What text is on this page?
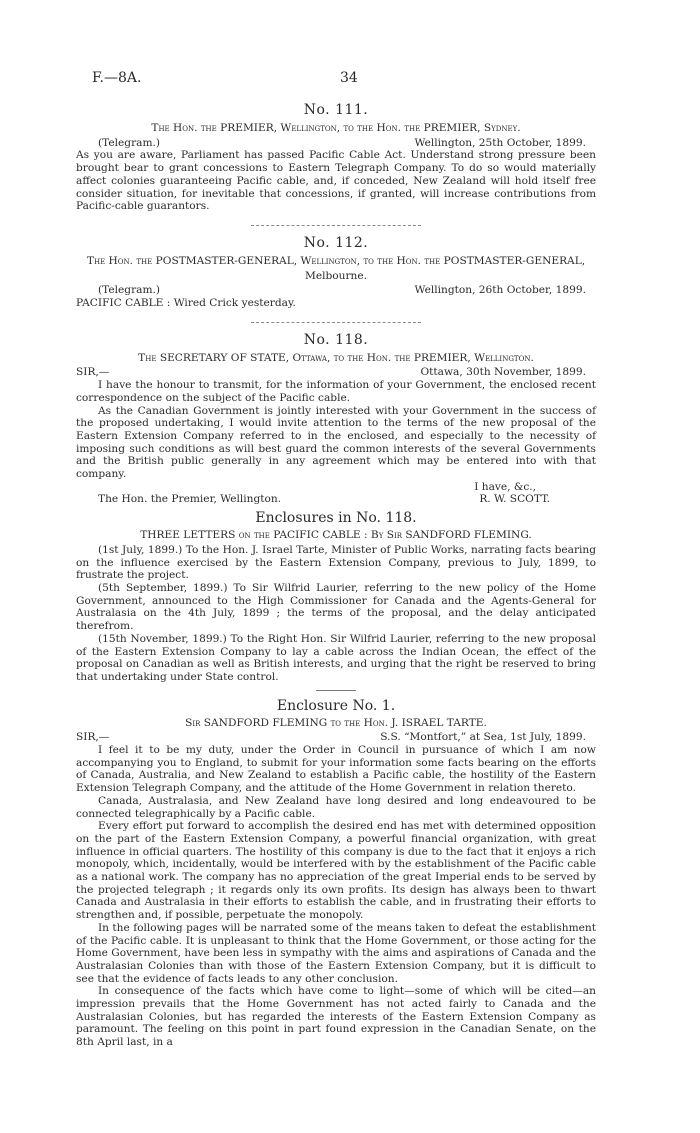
F.—8A.	34
No. 111.
The Hon. the PREMIER, Wellington, to the Hon. the PREMIER, Sydney.
(Telegram.)	Wellington, 25th October, 1899.

As you are aware, Parliament has passed Pacific Cable Act. Understand strong pressure been brought bear to grant concessions to Eastern Telegraph Company. To do so would materially affect colonies guaranteeing Pacific cable, and, if conceded, New Zealand will hold itself free consider situation, for inevitable that concessions, if granted, will increase contributions from Pacific-cable guarantors.

No. 112.
The Hon. the POSTMASTER-GENERAL, Wellington, to the Hon. the POSTMASTER-GENERAL,
Melbourne.
(Telegram.)	Wellington, 26th October, 1899.

PACIFIC CABLE : Wired Crick yesterday.

No. 118.
The SECRETARY OF STATE, Ottawa, to the Hon. the PREMIER, Wellington.
SIR,—	Ottawa, 30th November, 1899.

I have the honour to transmit, for the information of your Government, the enclosed recent correspondence on the subject of the Pacific cable.

As the Canadian Government is jointly interested with your Government in the success of the proposed undertaking, I would invite attention to the terms of the new proposal of the Eastern Extension Company referred to in the enclosed, and especially to the necessity of imposing such conditions as will best guard the common interests of the several Governments and the British public generally in any agreement which may be entered into with that company.

I have, &c.,
The Hon. the Premier, Wellington.	R. W. SCOTT.
Enclosures in No. 118.
THREE LETTERS on the PACIFIC CABLE : By Sir SANDFORD FLEMING.

(1st July, 1899.) To the Hon. J. Israel Tarte, Minister of Public Works, narrating facts bearing on the influence exercised by the Eastern Extension Company, previous to July, 1899, to frustrate the project.

(5th September, 1899.) To Sir Wilfrid Laurier, referring to the new policy of the Home Government, announced to the High Commissioner for Canada and the Agents-General for Australasia on the 4th July, 1899 ; the terms of the proposal, and the delay anticipated therefrom.

(15th November, 1899.) To the Right Hon. Sir Wilfrid Laurier, referring to the new proposal of the Eastern Extension Company to lay a cable across the Indian Ocean, the effect of the proposal on Canadian as well as British interests, and urging that the right be reserved to bring that undertaking under State control.

Enclosure No. 1.
Sir SANDFORD FLEMING to the Hon. J. ISRAEL TARTE.
SIR,—	S.S. “Montfort,” at Sea, 1st July, 1899.

I feel it to be my duty, under the Order in Council in pursuance of which I am now accompanying you to England, to submit for your information some facts bearing on the efforts of Canada, Australia, and New Zealand to establish a Pacific cable, the hostility of the Eastern Extension Telegraph Company, and the attitude of the Home Government in relation thereto.

Canada, Australasia, and New Zealand have long desired and long endeavoured to be connected telegraphically by a Pacific cable.

Every effort put forward to accomplish the desired end has met with determined opposition on the part of the Eastern Extension Company, a powerful financial organization, with great influence in official quarters. The hostility of this company is due to the fact that it enjoys a rich monopoly, which, incidentally, would be interfered with by the establishment of the Pacific cable as a national work. The company has no appreciation of the great Imperial ends to be served by the projected telegraph ; it regards only its own profits. Its design has always been to thwart Canada and Australasia in their efforts to establish the cable, and in frustrating their efforts to strengthen and, if possible, perpetuate the monopoly.

In the following pages will be narrated some of the means taken to defeat the establishment of the Pacific cable. It is unpleasant to think that the Home Government, or those acting for the Home Government, have been less in sympathy with the aims and aspirations of Canada and the Australasian Colonies than with those of the Eastern Extension Company, but it is difficult to see that the evidence of facts leads to any other conclusion.

In consequence of the facts which have come to light—some of which will be cited—an impression prevails that the Home Government has not acted fairly to Canada and the Australasian Colonies, but has regarded the interests of the Eastern Extension Company as paramount. The feeling on this point in part found expression in the Canadian Senate, on the 8th April last, in a
